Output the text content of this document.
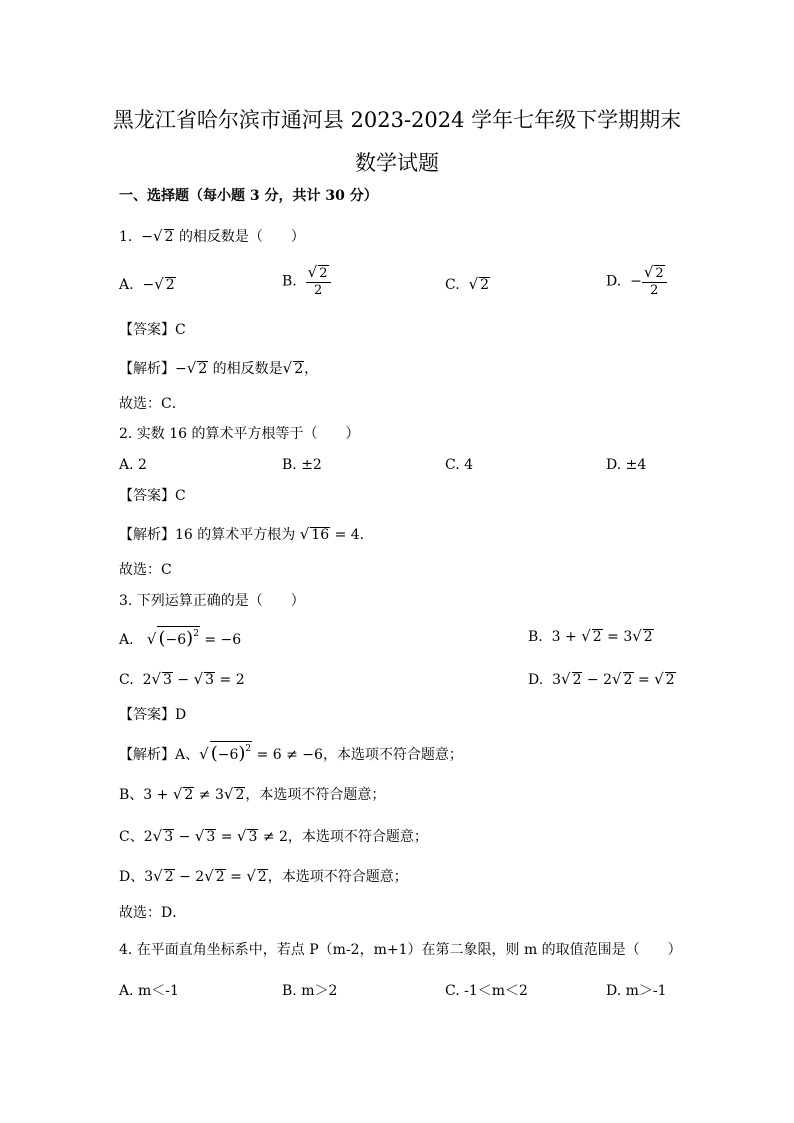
黑龙江省哈尔滨市通河县 2023-2024 学年七年级下学期期末
数学试题
一、选择题（每小题 3 分，共计 30 分）
1.  −√ 2 的相反数是（　　）
A.  −√ 2	B. $\frac{√ 2}{2}$	C. √ 2	D.  − $\frac{√ 2}{2}$
【答案】C
【解析】−√ 2 的相反数是√ 2，
故选：C．
2. 实数 16 的算术平方根等于（　　）
A. 2	B. ±2	C. 4	D. ±4
【答案】C
【解析】16 的算术平方根为 √ 16 = 4．
故选：C
3. 下列运算正确的是（　　）
A. √ $(-6)^2 = -6$	B.  3 + √ 2 = 3√ 2
C.  2√ 3 − √ 3 = 2	D.  3√ 2 − 2√ 2 = √ 2
【答案】D
【解析】A、√ $(-6)^2 = 6 \ne -6$，本选项不符合题意；
B、3 + √ 2 ≠ 3√ 2，本选项不符合题意；
C、2√ 3 − √ 3 = √ 3 ≠ 2，本选项不符合题意；
D、3√ 2 − 2√ 2 = √ 2，本选项不符合题意；
故选：D．
4. 在平面直角坐标系中，若点 P（m-2，m+1）在第二象限，则 m 的取值范围是（　　）
A. m＜-1	B. m＞2	C. -1＜m＜2	D. m＞-1
